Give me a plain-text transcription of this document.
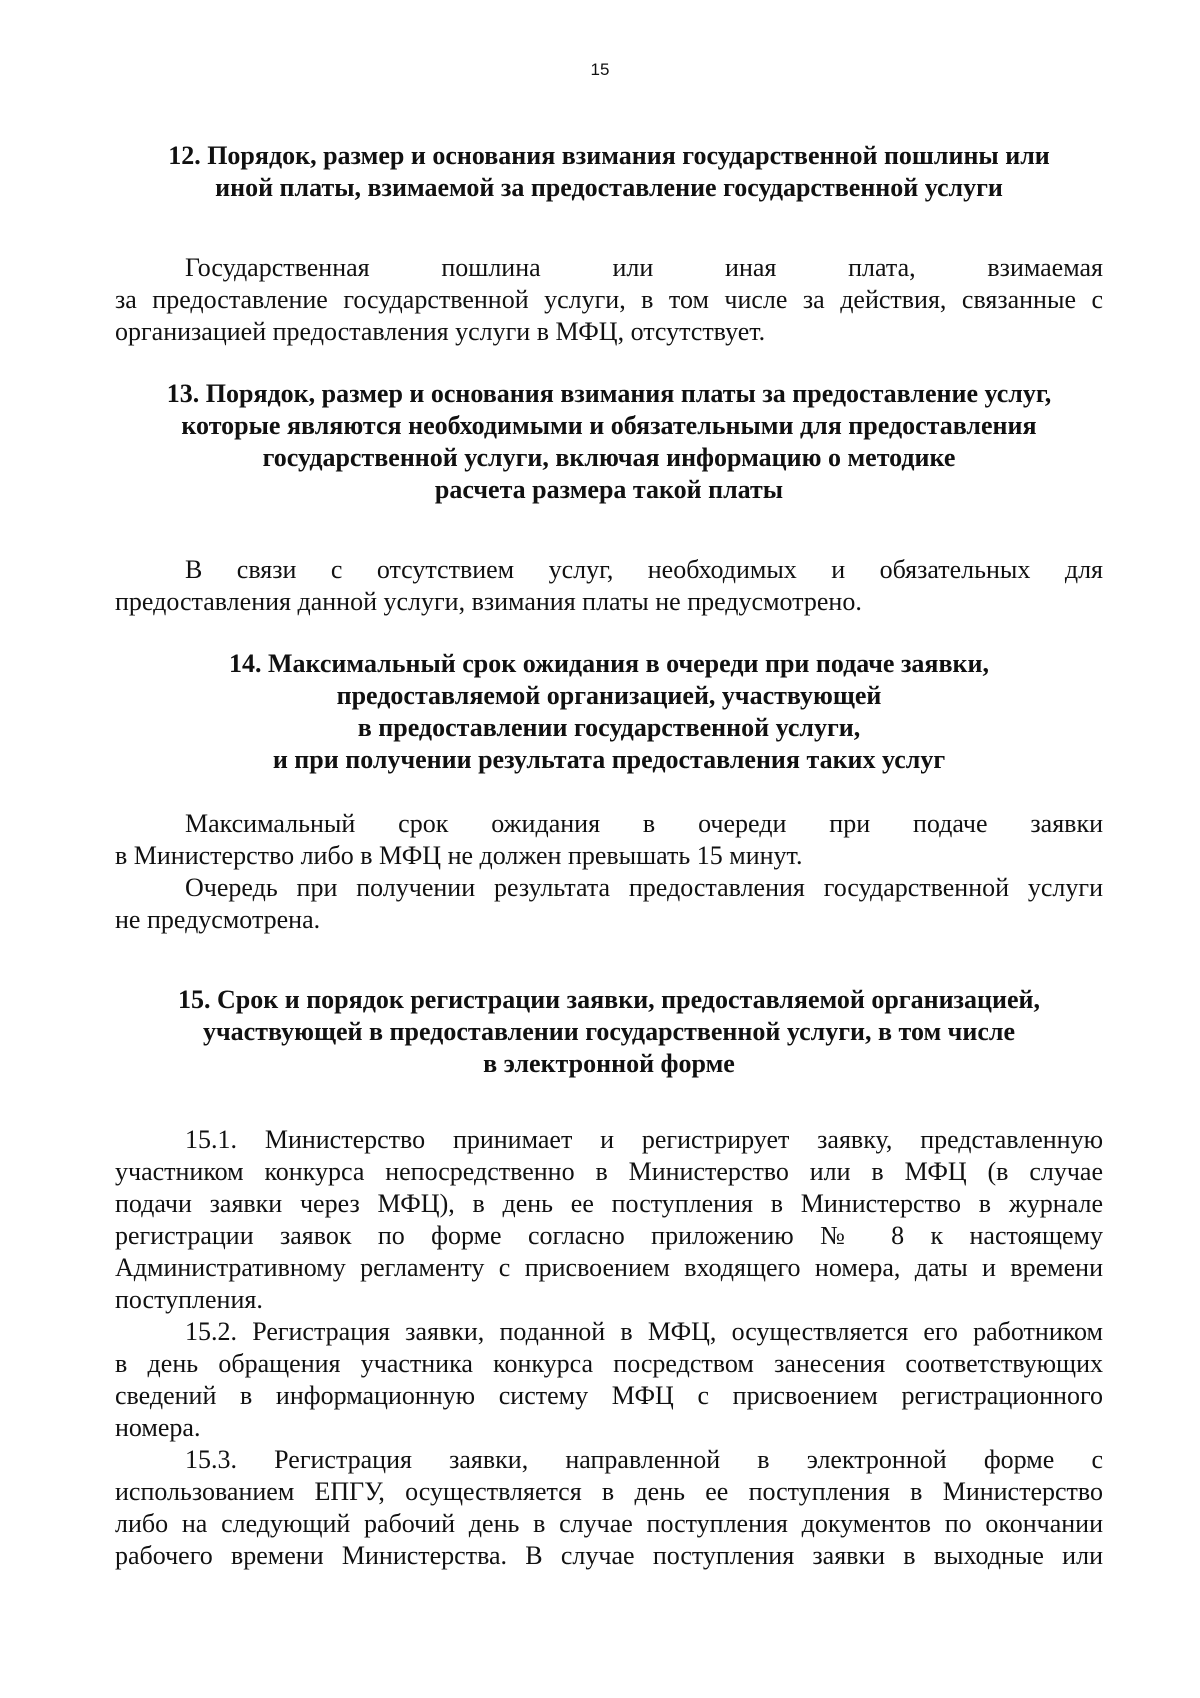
15
12. Порядок, размер и основания взимания государственной пошлины или
иной платы, взимаемой за предоставление государственной услуги
Государственная пошлина или иная плата, взимаемая
за предоставление государственной услуги, в том числе за действия, связанные с
организацией предоставления услуги в МФЦ, отсутствует.
13. Порядок, размер и основания взимания платы за предоставление услуг,
которые являются необходимыми и обязательными для предоставления
государственной услуги, включая информацию о методике
расчета размера такой платы
В связи с отсутствием услуг, необходимых и обязательных для
предоставления данной услуги, взимания платы не предусмотрено.
14. Максимальный срок ожидания в очереди при подаче заявки,
предоставляемой организацией, участвующей
в предоставлении государственной услуги,
и при получении результата предоставления таких услуг
Максимальный срок ожидания в очереди при подаче заявки
в Министерство либо в МФЦ не должен превышать 15 минут.
Очередь при получении результата предоставления государственной услуги
не предусмотрена.
15. Срок и порядок регистрации заявки, предоставляемой организацией,
участвующей в предоставлении государственной услуги, в том числе
в электронной форме
15.1. Министерство принимает и регистрирует заявку, представленную
участником конкурса непосредственно в Министерство или в МФЦ (в случае
подачи заявки через МФЦ), в день ее поступления в Министерство в журнале
регистрации заявок по форме согласно приложению № 8 к настоящему
Административному регламенту с присвоением входящего номера, даты и времени
поступления.
15.2. Регистрация заявки, поданной в МФЦ, осуществляется его работником
в день обращения участника конкурса посредством занесения соответствующих
сведений в информационную систему МФЦ с присвоением регистрационного
номера.
15.3. Регистрация заявки, направленной в электронной форме с
использованием ЕПГУ, осуществляется в день ее поступления в Министерство
либо на следующий рабочий день в случае поступления документов по окончании
рабочего времени Министерства. В случае поступления заявки в выходные или
